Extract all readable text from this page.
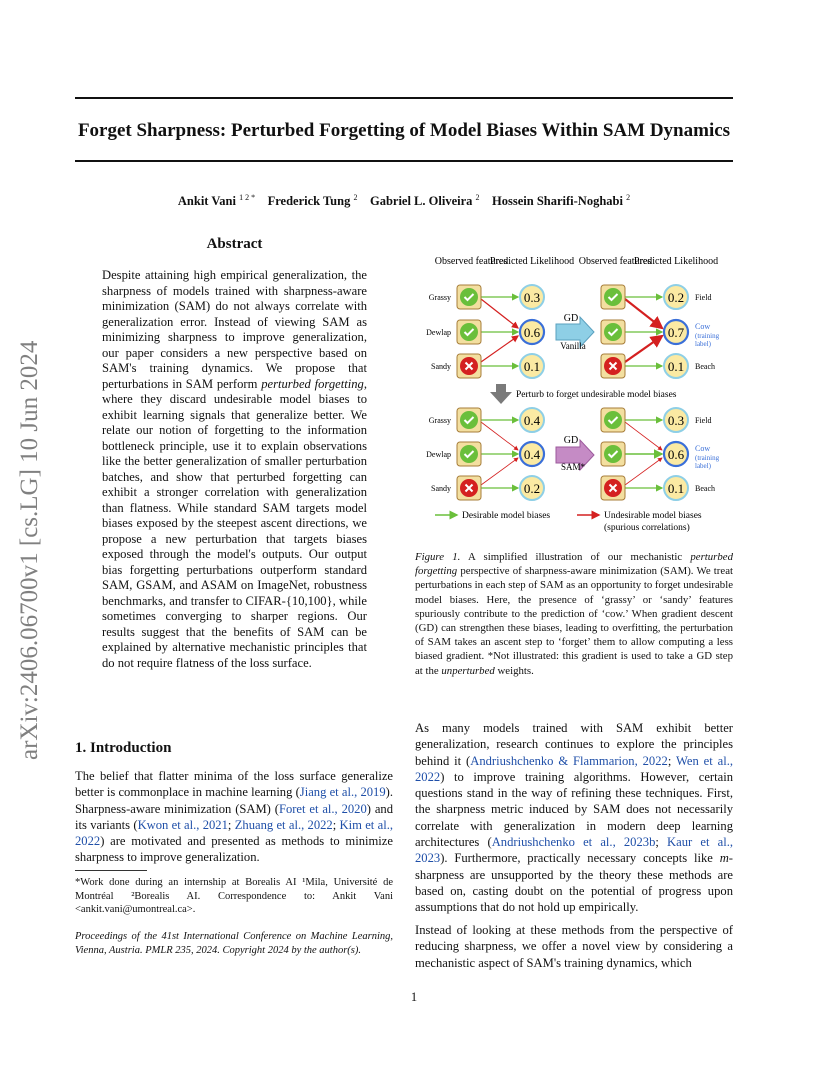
arXiv:2406.06700v1 [cs.LG] 10 Jun 2024
Forget Sharpness: Perturbed Forgetting of Model Biases Within SAM Dynamics
Ankit Vani $^{1 2 *}$ Frederick Tung $^2$ Gabriel L. Oliveira $^2$ Hossein Sharifi-Noghabi $^2$
Abstract
Despite attaining high empirical generalization, the sharpness of models trained with sharpness-aware minimization (SAM) do not always correlate with generalization error. Instead of viewing SAM as minimizing sharpness to improve generalization, our paper considers a new perspective based on SAM's training dynamics. We propose that perturbations in SAM perform perturbed forgetting, where they discard undesirable model biases to exhibit learning signals that generalize better. We relate our notion of forgetting to the information bottleneck principle, use it to explain observations like the better generalization of smaller perturbation batches, and show that perturbed forgetting can exhibit a stronger correlation with generalization than flatness. While standard SAM targets model biases exposed by the steepest ascent directions, we propose a new perturbation that targets biases exposed through the model's outputs. Our output bias forgetting perturbations outperform standard SAM, GSAM, and ASAM on ImageNet, robustness benchmarks, and transfer to CIFAR-{10,100}, while sometimes converging to sharper regions. Our results suggest that the benefits of SAM can be explained by alternative mechanistic principles that do not require flatness of the loss surface.
1. Introduction
The belief that flatter minima of the loss surface generalize better is commonplace in machine learning (Jiang et al., 2019). Sharpness-aware minimization (SAM) (Foret et al., 2020) and its variants (Kwon et al., 2021; Zhuang et al., 2022; Kim et al., 2022) are motivated and presented as methods to minimize sharpness to improve generalization.
*Work done during an internship at Borealis AI ¹Mila, Université de Montréal ²Borealis AI. Correspondence to: Ankit Vani <ankit.vani@umontreal.ca>.
Proceedings of the 41st International Conference on Machine Learning, Vienna, Austria. PMLR 235, 2024. Copyright 2024 by the author(s).
As many models trained with SAM exhibit better generalization, research continues to explore the principles behind it (Andriushchenko & Flammarion, 2022; Wen et al., 2022) to improve training algorithms. However, certain questions stand in the way of refining these techniques. First, the sharpness metric induced by SAM does not necessarily correlate with generalization in modern deep learning architectures (Andriushchenko et al., 2023b; Kaur et al., 2023). Furthermore, practically necessary concepts like m-sharpness are unsupported by the theory these methods are based on, casting doubt on the potential of progress upon assumptions that do not hold up empirically.
Instead of looking at these methods from the perspective of reducing sharpness, we offer a novel view by considering a mechanistic aspect of SAM's training dynamics, which
Observed features
Predicted Likelihood Observed features
Predicted Likelihood
Grassy
Dewlap
Sandy
0.3
0.6
0.1
0.2
0.7
0.1
Field
Cow
(training
label)
Beach
GD
Vanilla
Perturb to forget undesirable model biases
Grassy
Dewlap
Sandy
0.4
0.4
0.2
0.3
0.6
0.1
Field
Cow
(training
label)
Beach
GD
SAM*
Desirable model biases	Undesirable model biases
(spurious correlations)
Figure 1. A simplified illustration of our mechanistic perturbed forgetting perspective of sharpness-aware minimization (SAM). We treat perturbations in each step of SAM as an opportunity to forget undesirable model biases. Here, the presence of ‘grassy’ or ‘sandy’ features spuriously contribute to the prediction of ‘cow.’ When gradient descent (GD) can strengthen these biases, leading to overfitting, the perturbation of SAM takes an ascent step to ‘forget’ them to allow computing a less biased gradient. *Not illustrated: this gradient is used to take a GD step at the unperturbed weights.
1
